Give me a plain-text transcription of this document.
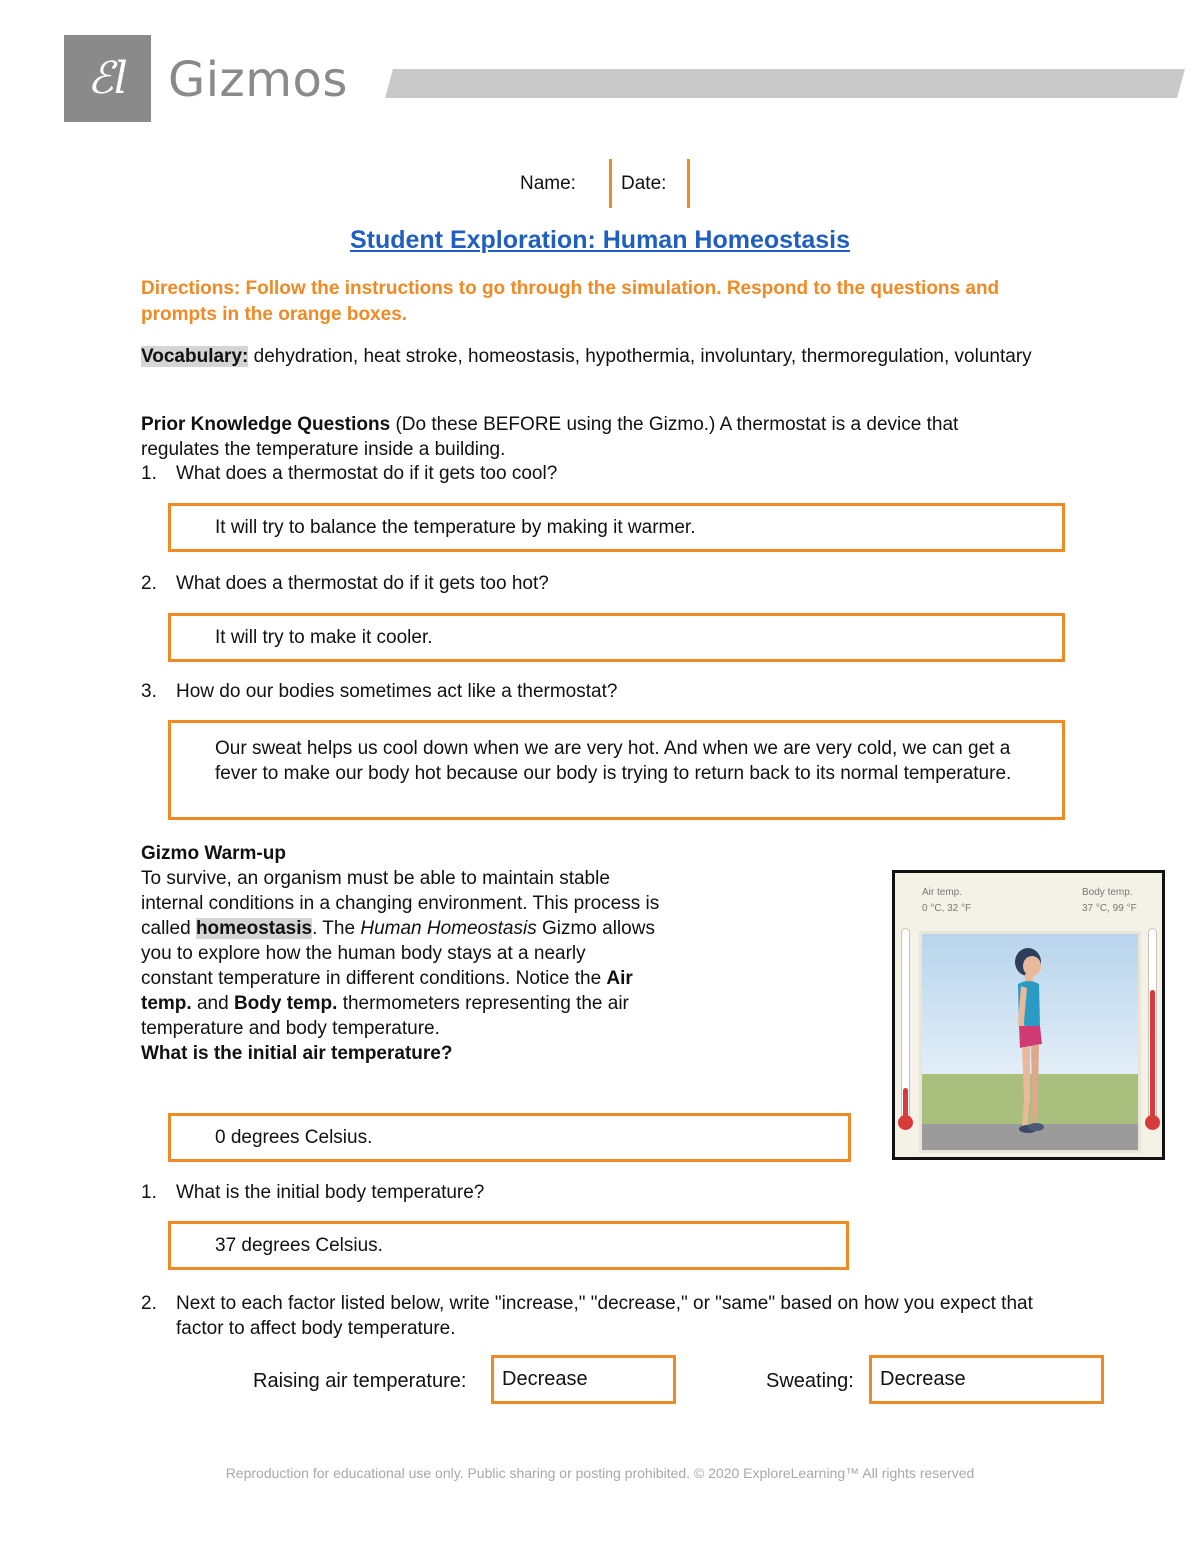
ℰl Gizmos
Name: Date:
Student Exploration: Human Homeostasis
Directions: Follow the instructions to go through the simulation. Respond to the questions and prompts in the orange boxes.
Vocabulary: dehydration, heat stroke, homeostasis, hypothermia, involuntary, thermoregulation, voluntary
Prior Knowledge Questions (Do these BEFORE using the Gizmo.) A thermostat is a device that regulates the temperature inside a building.
1. What does a thermostat do if it gets too cool?
It will try to balance the temperature by making it warmer.
2. What does a thermostat do if it gets too hot?
It will try to make it cooler.
3. How do our bodies sometimes act like a thermostat?
Our sweat helps us cool down when we are very hot. And when we are very cold, we can get a fever to make our body hot because our body is trying to return back to its normal temperature.
Gizmo Warm-up
To survive, an organism must be able to maintain stable internal conditions in a changing environment. This process is called homeostasis. The Human Homeostasis Gizmo allows you to explore how the human body stays at a nearly constant temperature in different conditions. Notice the Air temp. and Body temp. thermometers representing the air temperature and body temperature.
What is the initial air temperature?
0 degrees Celsius.
1. What is the initial body temperature?
37 degrees Celsius.
2.	Next to each factor listed below, write "increase," "decrease," or "same" based on how you expect that factor to affect body temperature.
Raising air temperature: Decrease	Sweating: Decrease
Air temp.
0 °C, 32 °F
Body temp.
37 °C, 99 °F
Reproduction for educational use only. Public sharing or posting prohibited. © 2020 ExploreLearning™ All rights reserved
